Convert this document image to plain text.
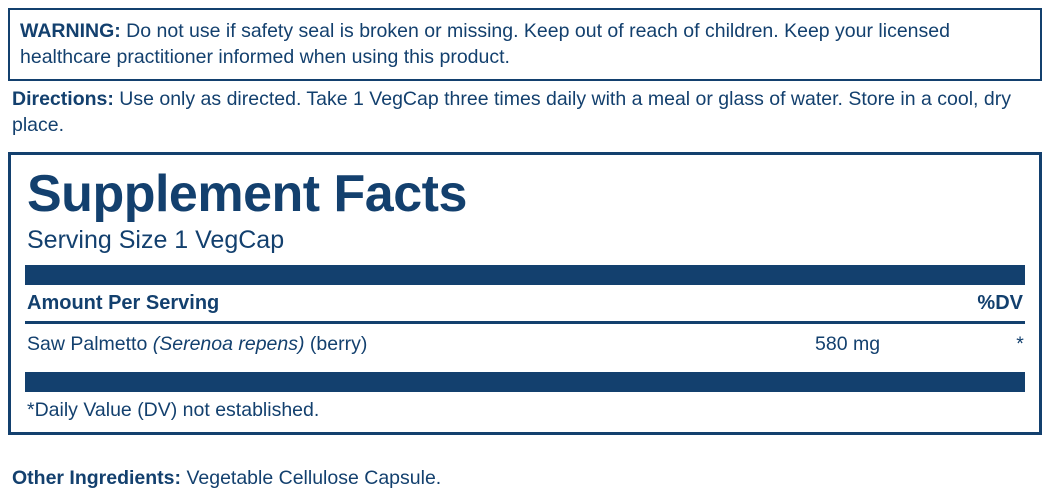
WARNING: Do not use if safety seal is broken or missing. Keep out of reach of children. Keep your licensed healthcare practitioner informed when using this product.
Directions: Use only as directed. Take 1 VegCap three times daily with a meal or glass of water. Store in a cool, dry place.
Supplement Facts
Serving Size 1 VegCap
Amount Per Serving	%DV
Saw Palmetto (Serenoa repens) (berry)	580 mg	*
*Daily Value (DV) not established.
Other Ingredients: Vegetable Cellulose Capsule.
